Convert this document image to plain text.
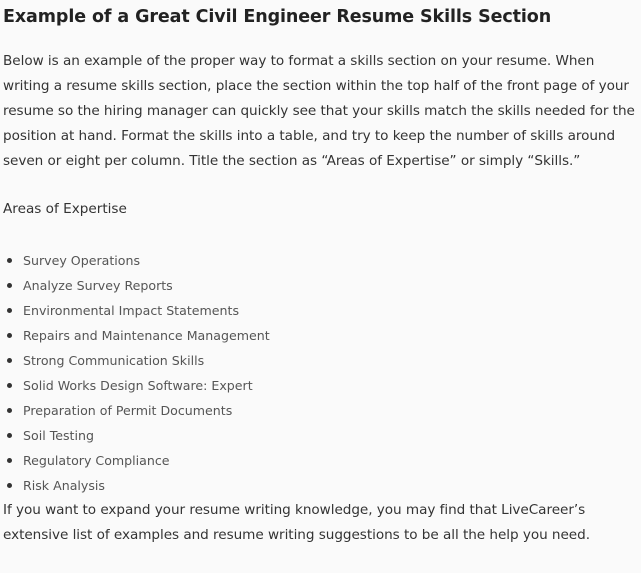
Example of a Great Civil Engineer Resume Skills Section

Below is an example of the proper way to format a skills section on your resume. When writing a resume skills section, place the section within the top half of the front page of your resume so the hiring manager can quickly see that your skills match the skills needed for the position at hand. Format the skills into a table, and try to keep the number of skills around seven or eight per column. Title the section as “Areas of Expertise” or simply “Skills.”

Areas of Expertise

Survey Operations
Analyze Survey Reports
Environmental Impact Statements
Repairs and Maintenance Management
Strong Communication Skills
Solid Works Design Software: Expert
Preparation of Permit Documents
Soil Testing
Regulatory Compliance
Risk Analysis

If you want to expand your resume writing knowledge, you may find that LiveCareer’s extensive list of examples and resume writing suggestions to be all the help you need.
